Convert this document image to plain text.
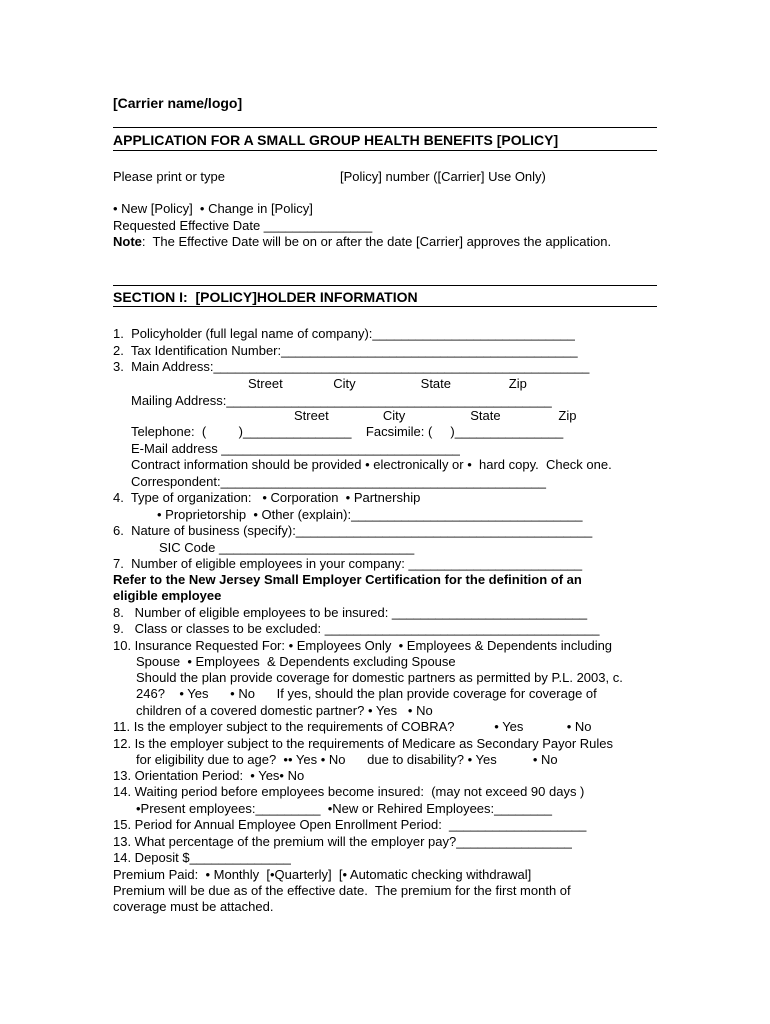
[Carrier name/logo]
APPLICATION FOR A SMALL GROUP HEALTH BENEFITS [POLICY]
Please print or type	[Policy] number ([Carrier] Use Only)
• New [Policy]  • Change in [Policy]
Requested Effective Date _______________
Note:  The Effective Date will be on or after the date [Carrier] approves the application.
SECTION I:  [POLICY]HOLDER INFORMATION
1.  Policyholder (full legal name of company):____________________________
2.  Tax Identification Number:_________________________________________
3.  Main Address:____________________________________________________
Street              City                  State                Zip
Mailing Address:_____________________________________________
Street               City                  State                Zip
Telephone:  (         )_______________    Facsimile: (     )_______________
E-Mail address _________________________________
Contract information should be provided • electronically or •  hard copy.  Check one.
Correspondent:_____________________________________________
4.  Type of organization:   • Corporation  • Partnership
• Proprietorship  • Other (explain):________________________________
6.  Nature of business (specify):_________________________________________
SIC Code ___________________________
7.  Number of eligible employees in your company: ________________________
Refer to the New Jersey Small Employer Certification for the definition of an
eligible employee
8.   Number of eligible employees to be insured: ___________________________
9.   Class or classes to be excluded: ______________________________________
10. Insurance Requested For: • Employees Only  • Employees & Dependents including
Spouse  • Employees  & Dependents excluding Spouse
Should the plan provide coverage for domestic partners as permitted by P.L. 2003, c.
246?    • Yes      • No      If yes, should the plan provide coverage for coverage of
children of a covered domestic partner? • Yes   • No
11. Is the employer subject to the requirements of COBRA?           • Yes            • No
12. Is the employer subject to the requirements of Medicare as Secondary Payor Rules
for eligibility due to age?  •• Yes • No      due to disability? • Yes          • No
13. Orientation Period:  • Yes• No
14. Waiting period before employees become insured:  (may not exceed 90 days )
•Present employees:_________  •New or Rehired Employees:________
15. Period for Annual Employee Open Enrollment Period:  ___________________
13. What percentage of the premium will the employer pay?________________
14. Deposit $______________
Premium Paid:  • Monthly  [•Quarterly]  [• Automatic checking withdrawal]
Premium will be due as of the effective date.  The premium for the first month of
coverage must be attached.
